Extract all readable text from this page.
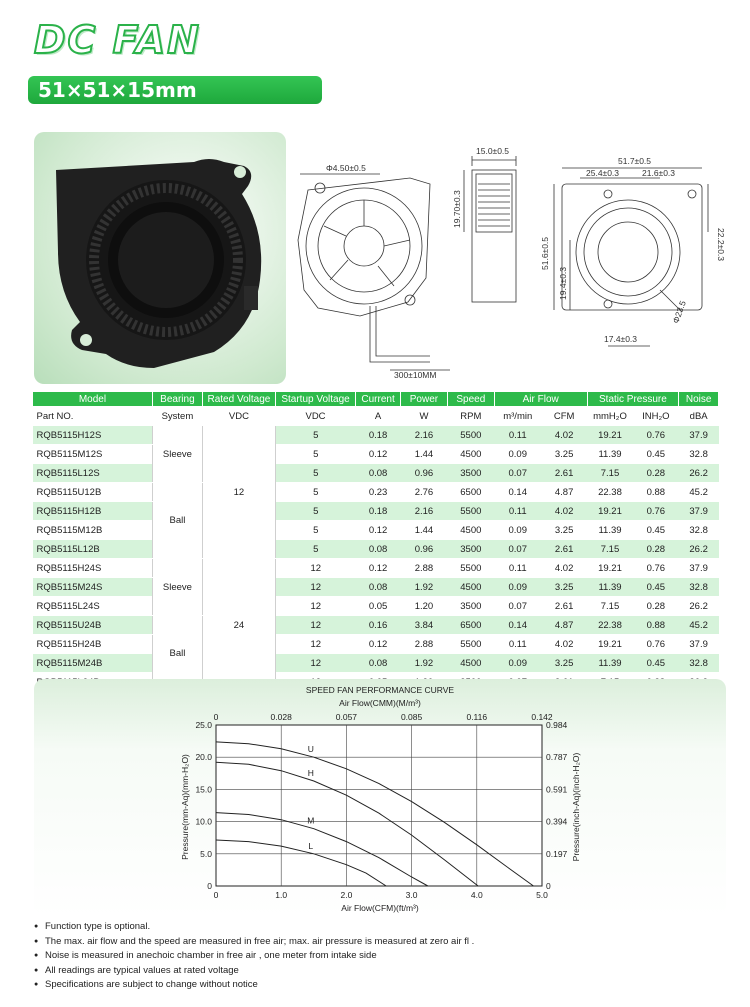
DC FAN
51×51×15mm
Φ4.50±0.5
300±10MM
15.0±0.5
19.70±0.3
51.7±0.5
25.4±0.3	21.6±0.3
22.2±0.3
51.6±0.5
19.4±0.3
Φ23.5
17.4±0.3
Model	Bearing	Rated Voltage	Startup Voltage	Current	Power	Speed	Air Flow		Static Pressure		Noise
Part NO.	System	VDC	VDC	A	W	RPM	m³/min	CFM	mmH₂O	INH₂O	dBA
RQB5115H12S	Sleeve	12	5	0.18	2.16	5500	0.11	4.02	19.21	0.76	37.9
RQB5115M12S			5	0.12	1.44	4500	0.09	3.25	11.39	0.45	32.8
RQB5115L12S			5	0.08	0.96	3500	0.07	2.61	7.15	0.28	26.2
RQB5115U12B	Ball		5	0.23	2.76	6500	0.14	4.87	22.38	0.88	45.2
RQB5115H12B			5	0.18	2.16	5500	0.11	4.02	19.21	0.76	37.9
RQB5115M12B			5	0.12	1.44	4500	0.09	3.25	11.39	0.45	32.8
RQB5115L12B			5	0.08	0.96	3500	0.07	2.61	7.15	0.28	26.2
RQB5115H24S	Sleeve	24	12	0.12	2.88	5500	0.11	4.02	19.21	0.76	37.9
RQB5115M24S			12	0.08	1.92	4500	0.09	3.25	11.39	0.45	32.8
RQB5115L24S			12	0.05	1.20	3500	0.07	2.61	7.15	0.28	26.2
RQB5115U24B	Ball		12	0.16	3.84	6500	0.14	4.87	22.38	0.88	45.2
RQB5115H24B			12	0.12	2.88	5500	0.11	4.02	19.21	0.76	37.9
RQB5115M24B			12	0.08	1.92	4500	0.09	3.25	11.39	0.45	32.8

SPEED FAN PERFORMANCE CURVE
Air Flow(CMM)(M/m³)
Air Flow(CFM)(ft/m³)
Pressure(mm-Aq)(mm-H₂O)	Pressure(inch-Aq)(inch-H₂O)
0	1.0	2.0	3.0	4.0	5.0
0	0.028	0.057	0.085	0.116	0.142
0
5.0
10.0
15.0
20.0
25.0
0
0.197
0.394
0.591
0.787
0.984
U
H
M
L
● Function type is optional.
● The max. air flow and the speed are measured in free air; max. air pressure is measured at zero air fl .
● Noise is measured in anechoic chamber in free air , one meter from intake side
● All readings are typical values at rated voltage
● Specifications are subject to change without notice
